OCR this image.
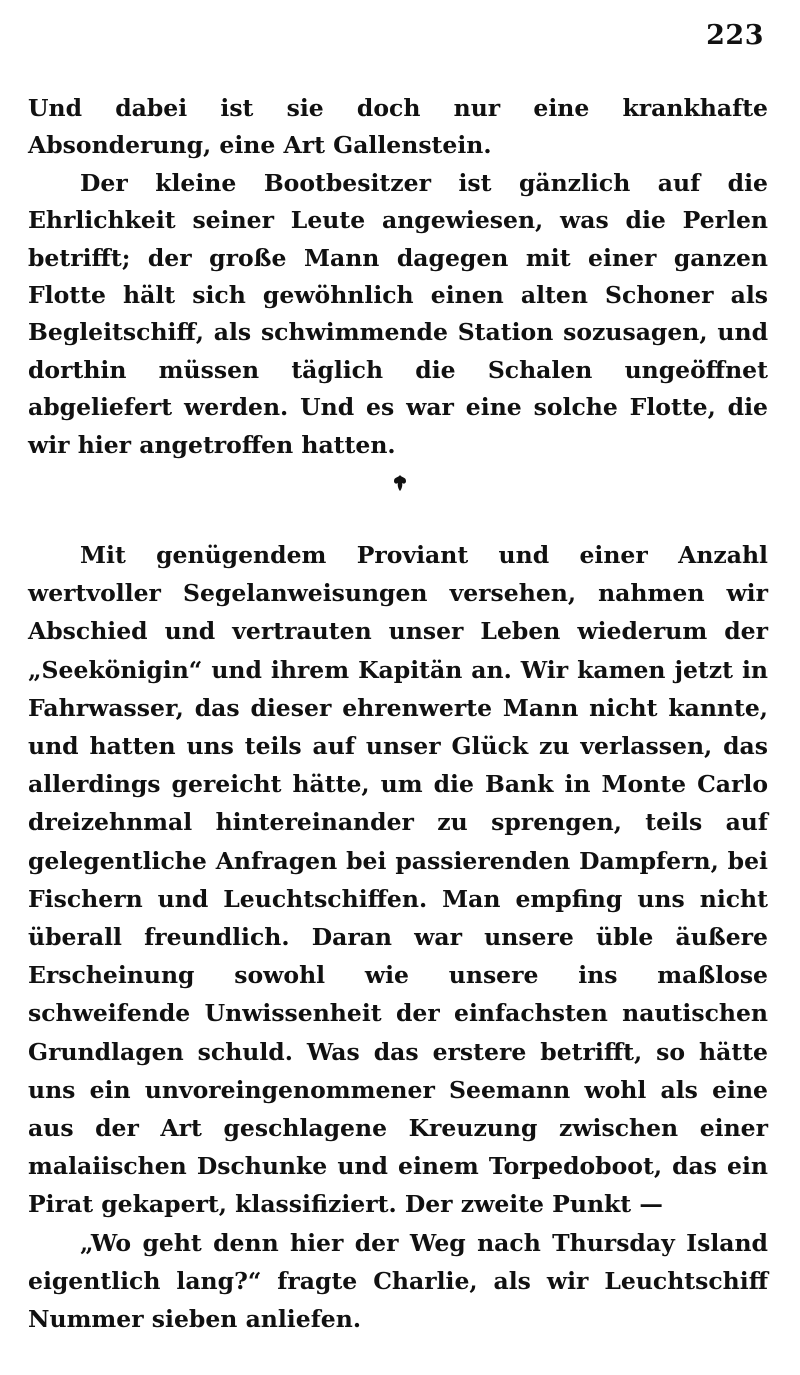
223

Und dabei ist sie doch nur eine krankhafte Absonderung, eine Art Gallenstein.

Der kleine Bootbesitzer ist gänzlich auf die Ehrlichkeit seiner Leute angewiesen, was die Perlen betrifft; der große Mann dagegen mit einer ganzen Flotte hält sich gewöhnlich einen alten Schoner als Begleitschiff, als schwimmende Station sozusagen, und dorthin müssen täglich die Schalen ungeöffnet abgeliefert werden. Und es war eine solche Flotte, die wir hier angetroffen hatten.

Mit genügendem Proviant und einer Anzahl wertvoller Segelanweisungen versehen, nahmen wir Abschied und vertrauten unser Leben wiederum der „Seekönigin“ und ihrem Kapitän an. Wir kamen jetzt in Fahrwasser, das dieser ehrenwerte Mann nicht kannte, und hatten uns teils auf unser Glück zu verlassen, das allerdings gereicht hätte, um die Bank in Monte Carlo dreizehnmal hintereinander zu sprengen, teils auf gelegentliche Anfragen bei passierenden Dampfern, bei Fischern und Leuchtschiffen. Man empfing uns nicht überall freundlich. Daran war unsere üble äußere Erscheinung sowohl wie unsere ins maßlose schweifende Unwissenheit der einfachsten nautischen Grundlagen schuld. Was das erstere betrifft, so hätte uns ein unvoreingenommener Seemann wohl als eine aus der Art geschlagene Kreuzung zwischen einer malaiischen Dschunke und einem Torpedoboot, das ein Pirat gekapert, klassifiziert. Der zweite Punkt —

„Wo geht denn hier der Weg nach Thursday Island eigentlich lang?“ fragte Charlie, als wir Leuchtschiff Nummer sieben anliefen.
